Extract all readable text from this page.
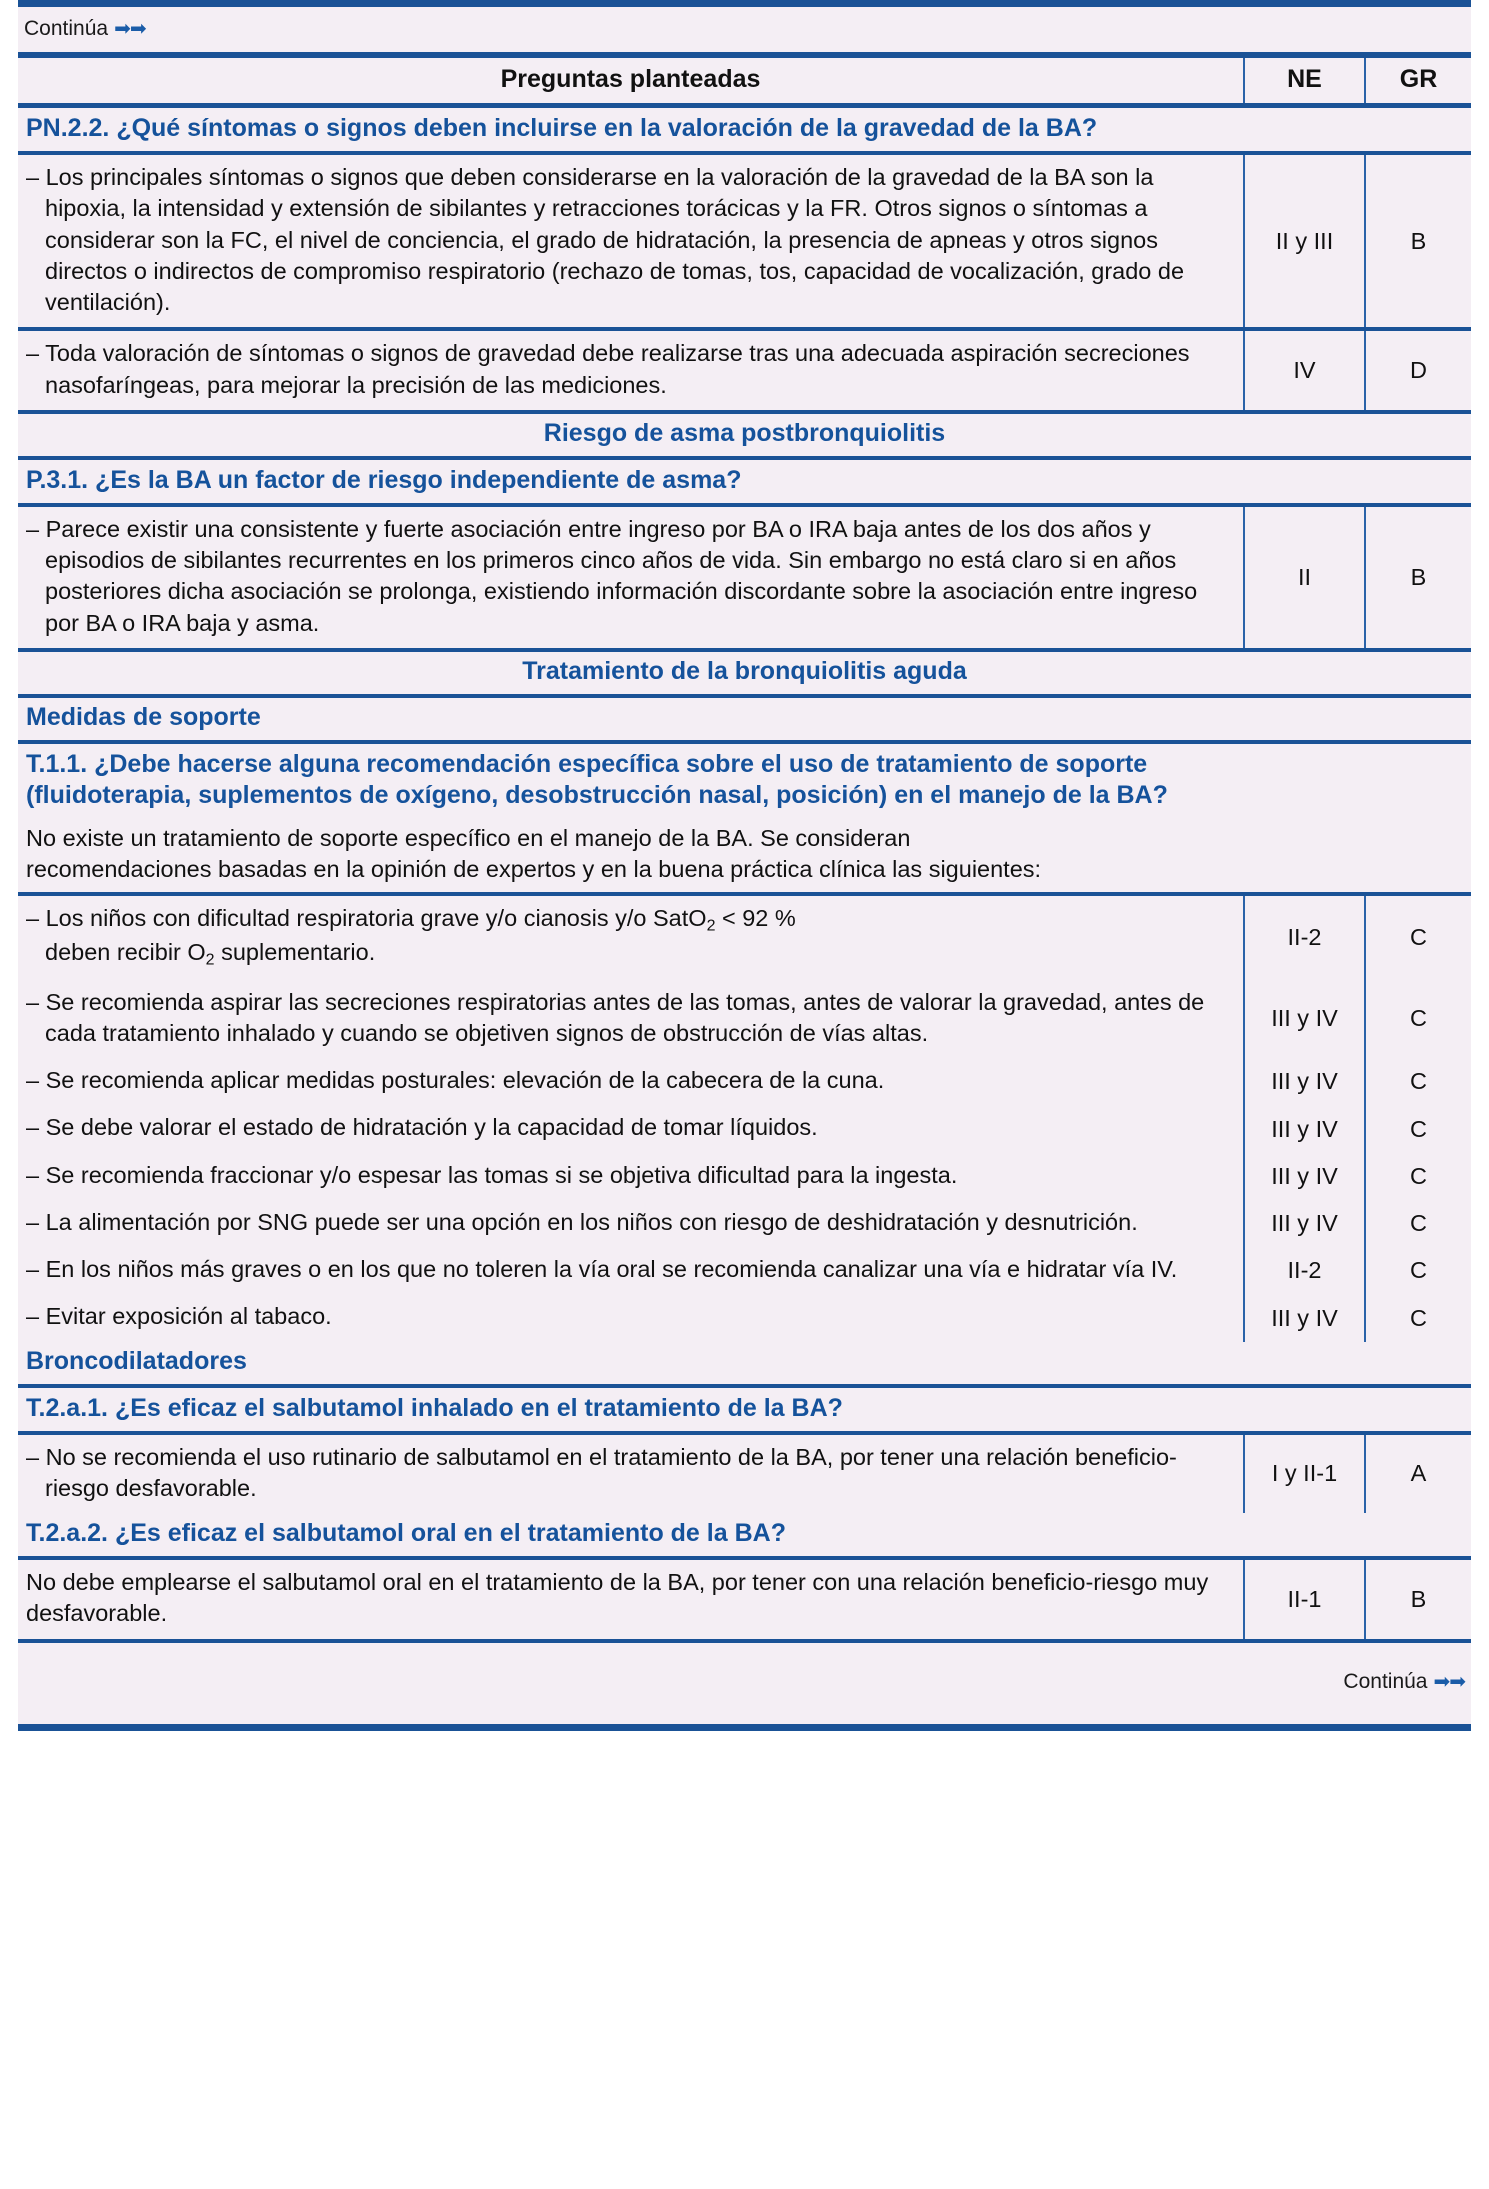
Continúa ➡➡
Preguntas planteadas	NE	GR
PN.2.2. ¿Qué síntomas o signos deben incluirse en la valoración de la gravedad de la BA?		

– Los principales síntomas o signos que deben considerarse en la valoración de la gravedad de la BA son la hipoxia, la intensidad y extensión de sibilantes y retracciones torácicas y la FR. Otros signos o síntomas a considerar son la FC, el nivel de conciencia, el grado de hidratación, la presencia de apneas y otros signos directos o indirectos de compromiso respiratorio (rechazo de tomas, tos, capacidad de vocalización, grado de ventilación).	II y III	B

– Toda valoración de síntomas o signos de gravedad debe realizarse tras una adecuada aspiración secreciones nasofaríngeas, para mejorar la precisión de las mediciones.	IV	D
Riesgo de asma postbronquiolitis		
P.3.1. ¿Es la BA un factor de riesgo independiente de asma?		

– Parece existir una consistente y fuerte asociación entre ingreso por BA o IRA baja antes de los dos años y episodios de sibilantes recurrentes en los primeros cinco años de vida. Sin embargo no está claro si en años posteriores dicha asociación se prolonga, existiendo información discordante sobre la asociación entre ingreso por BA o IRA baja y asma.	II	B
Tratamiento de la bronquiolitis aguda		
Medidas de soporte		

T.1.1. ¿Debe hacerse alguna recomendación específica sobre el uso de tratamiento de soporte
(fluidoterapia, suplementos de oxígeno, desobstrucción nasal, posición) en el manejo de la BA?		

No existe un tratamiento de soporte específico en el manejo de la BA. Se consideran
recomendaciones basadas en la opinión de expertos y en la buena práctica clínica las siguientes:		

– Los niños con dificultad respiratoria grave y/o cianosis y/o SatO$_2$ < 92 %
deben recibir $O_2$ suplementario.	II-2	C

– Se recomienda aspirar las secreciones respiratorias antes de las tomas, antes de valorar la gravedad, antes de cada tratamiento inhalado y cuando se objetiven signos de obstrucción de vías altas.	III y IV	C

– Se recomienda aplicar medidas posturales: elevación de la cabecera de la cuna.	III y IV	C

– Se debe valorar el estado de hidratación y la capacidad de tomar líquidos.	III y IV	C

– Se recomienda fraccionar y/o espesar las tomas si se objetiva dificultad para la ingesta.	III y IV	C

– La alimentación por SNG puede ser una opción en los niños con riesgo de deshidratación y desnutrición.	III y IV	C

– En los niños más graves o en los que no toleren la vía oral se recomienda canalizar una vía e hidratar vía IV.	II-2	C

– Evitar exposición al tabaco.	III y IV	C
Broncodilatadores		
T.2.a.1. ¿Es eficaz el salbutamol inhalado en el tratamiento de la BA?		

– No se recomienda el uso rutinario de salbutamol en el tratamiento de la BA, por tener una relación beneficio-riesgo desfavorable.	I y II-1	A
T.2.a.2. ¿Es eficaz el salbutamol oral en el tratamiento de la BA?		

No debe emplearse el salbutamol oral en el tratamiento de la BA, por tener con una relación beneficio-riesgo muy desfavorable.	II-1	B
Continúa ➡➡
